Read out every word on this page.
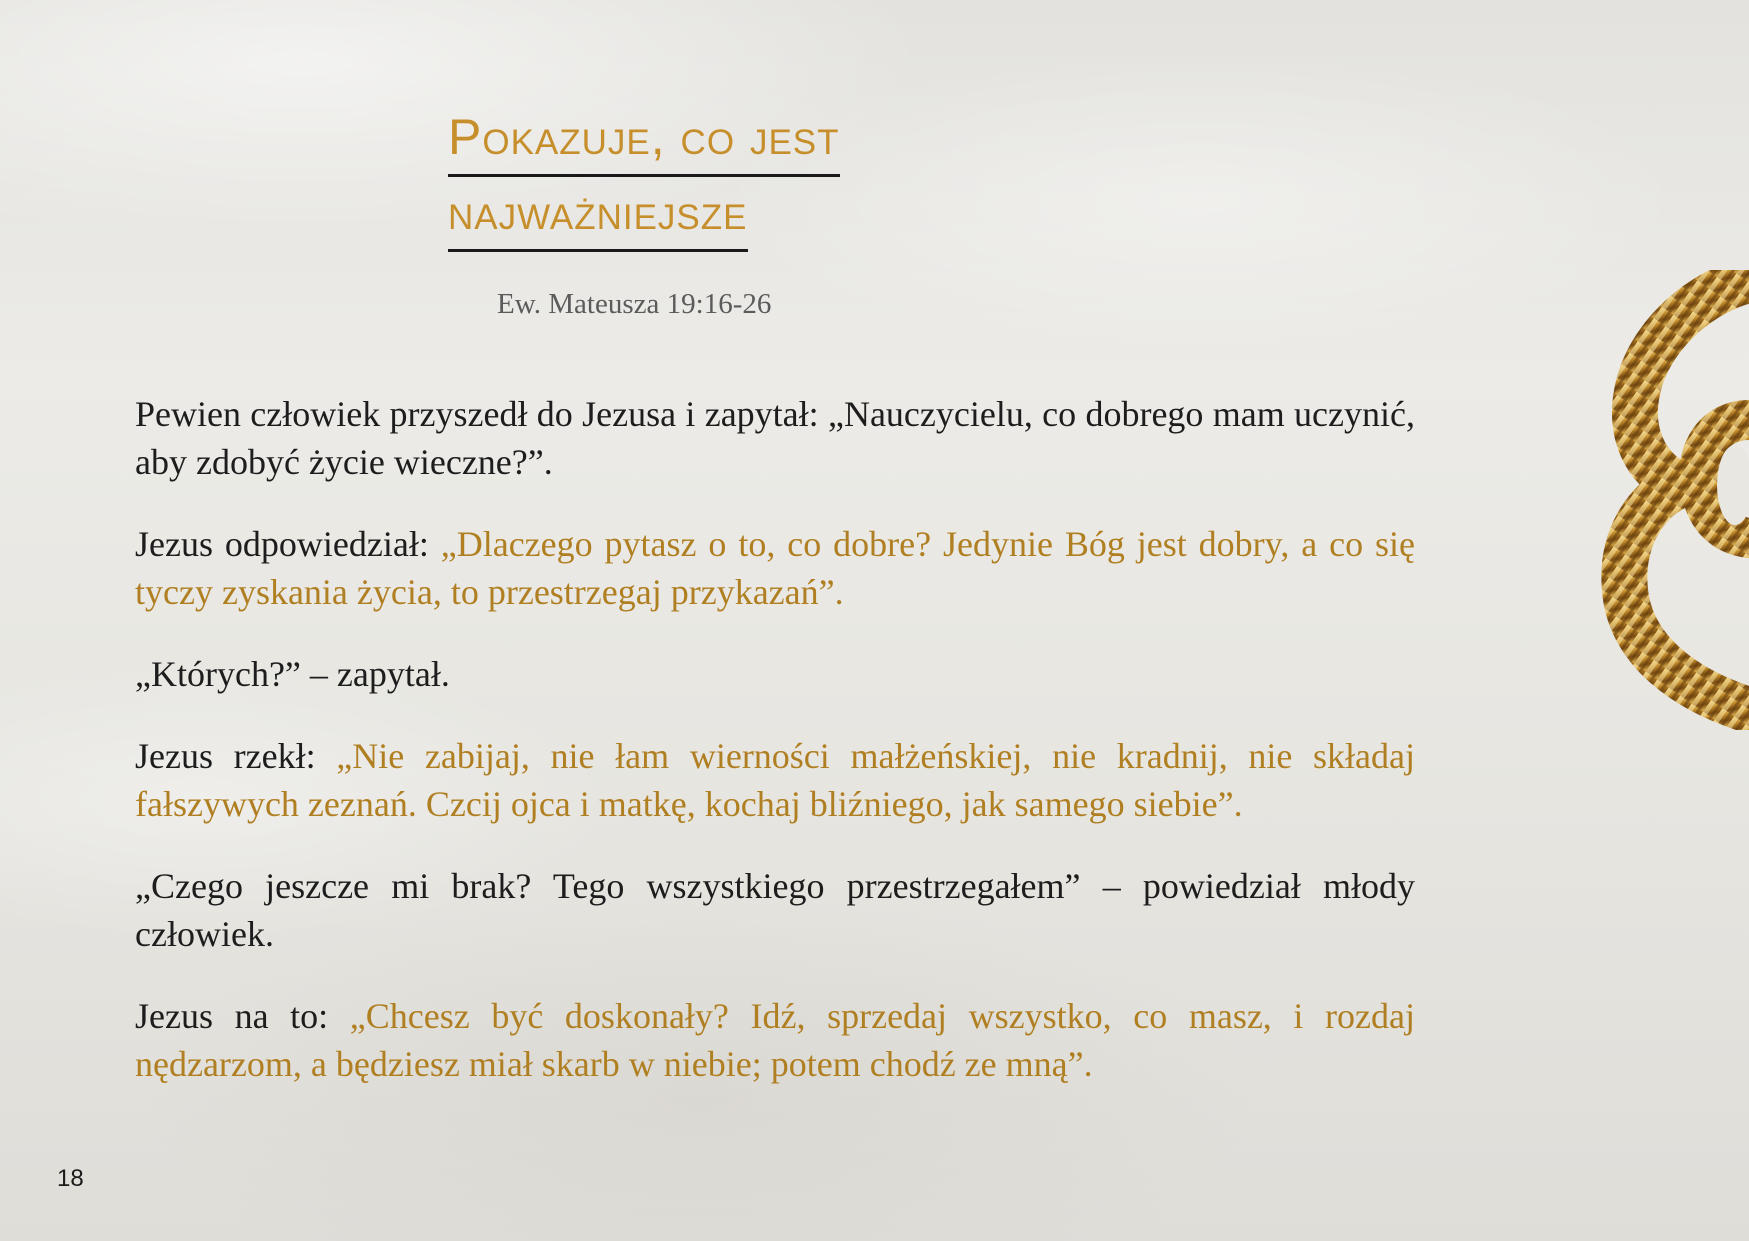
Pokazuje, co jest
najważniejsze
Ew. Mateusza 19:16-26

Pewien człowiek przyszedł do Jezusa i zapytał: „Nauczycielu, co dobrego mam uczynić, aby zdobyć życie wieczne?”.

Jezus odpowiedział: „Dlaczego pytasz o to, co dobre? Jedynie Bóg jest dobry, a co się tyczy zyskania życia, to przestrzegaj przykazań”.

„Których?” – zapytał.

Jezus rzekł: „Nie zabijaj, nie łam wierności małżeńskiej, nie kradnij, nie składaj fałszywych zeznań. Czcij ojca i matkę, kochaj bliźniego, jak samego siebie”.

„Czego jeszcze mi brak? Tego wszystkiego przestrzegałem” – powiedział młody człowiek.

Jezus na to: „Chcesz być doskonały? Idź, sprzedaj wszystko, co masz, i rozdaj nędzarzom, a będziesz miał skarb w niebie; potem chodź ze mną”.

18
